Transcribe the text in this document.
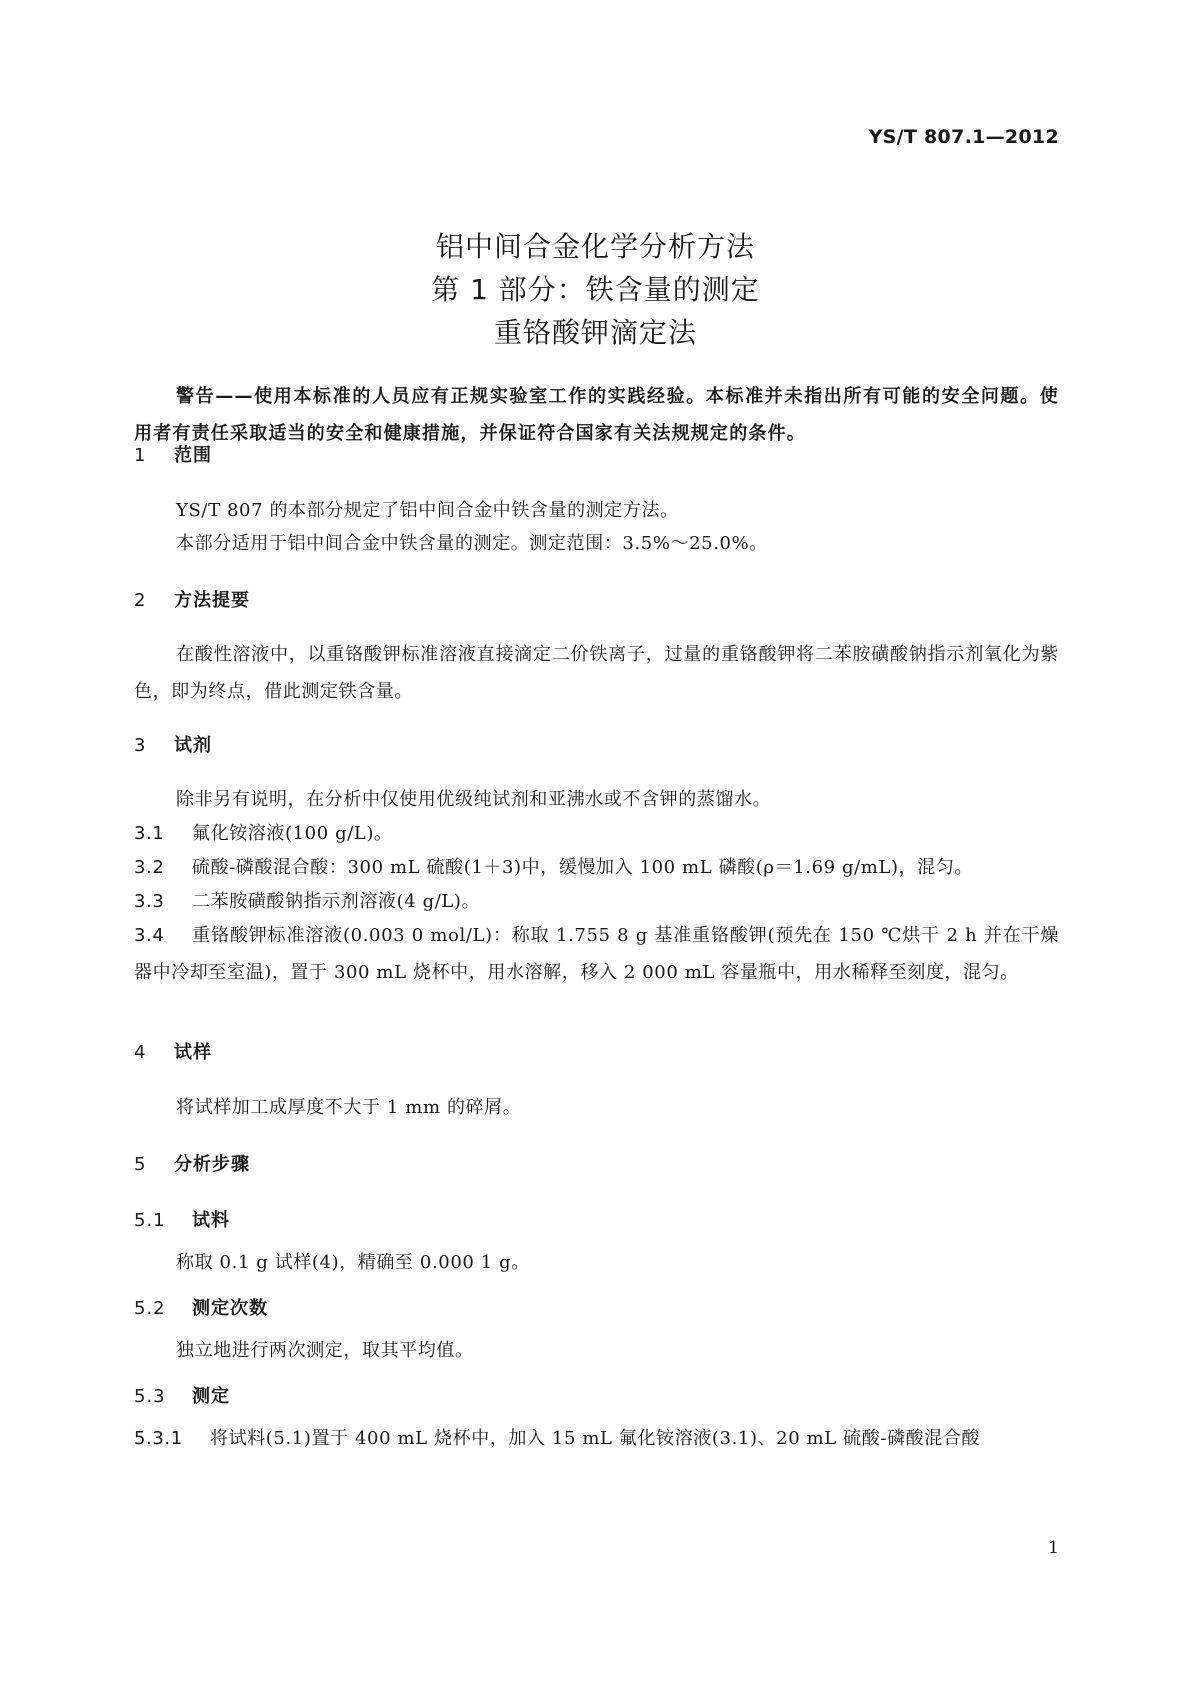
YS/T 807.1—2012
铝中间合金化学分析方法
第 1 部分：铁含量的测定
重铬酸钾滴定法
警告——使用本标准的人员应有正规实验室工作的实践经验。本标准并未指出所有可能的安全问题。使用者有责任采取适当的安全和健康措施，并保证符合国家有关法规规定的条件。
1 范围
YS/T 807 的本部分规定了铝中间合金中铁含量的测定方法。
本部分适用于铝中间合金中铁含量的测定。测定范围：3.5%～25.0%。
2 方法提要
在酸性溶液中，以重铬酸钾标准溶液直接滴定二价铁离子，过量的重铬酸钾将二苯胺磺酸钠指示剂氧化为紫色，即为终点，借此测定铁含量。
3 试剂
除非另有说明，在分析中仅使用优级纯试剂和亚沸水或不含钾的蒸馏水。
3.1 氟化铵溶液(100 g/L)。
3.2 硫酸-磷酸混合酸：300 mL 硫酸(1＋3)中，缓慢加入 100 mL 磷酸(ρ＝1.69 g/mL)，混匀。
3.3 二苯胺磺酸钠指示剂溶液(4 g/L)。
3.4 重铬酸钾标准溶液(0.003 0 mol/L)：称取 1.755 8 g 基准重铬酸钾(预先在 150 ℃烘干 2 h 并在干燥器中冷却至室温)，置于 300 mL 烧杯中，用水溶解，移入 2 000 mL 容量瓶中，用水稀释至刻度，混匀。
4 试样
将试样加工成厚度不大于 1 mm 的碎屑。
5 分析步骤
5.1 试料
称取 0.1 g 试样(4)，精确至 0.000 1 g。
5.2 测定次数
独立地进行两次测定，取其平均值。
5.3 测定
5.3.1 将试料(5.1)置于 400 mL 烧杯中，加入 15 mL 氟化铵溶液(3.1)、20 mL 硫酸-磷酸混合酸
1
